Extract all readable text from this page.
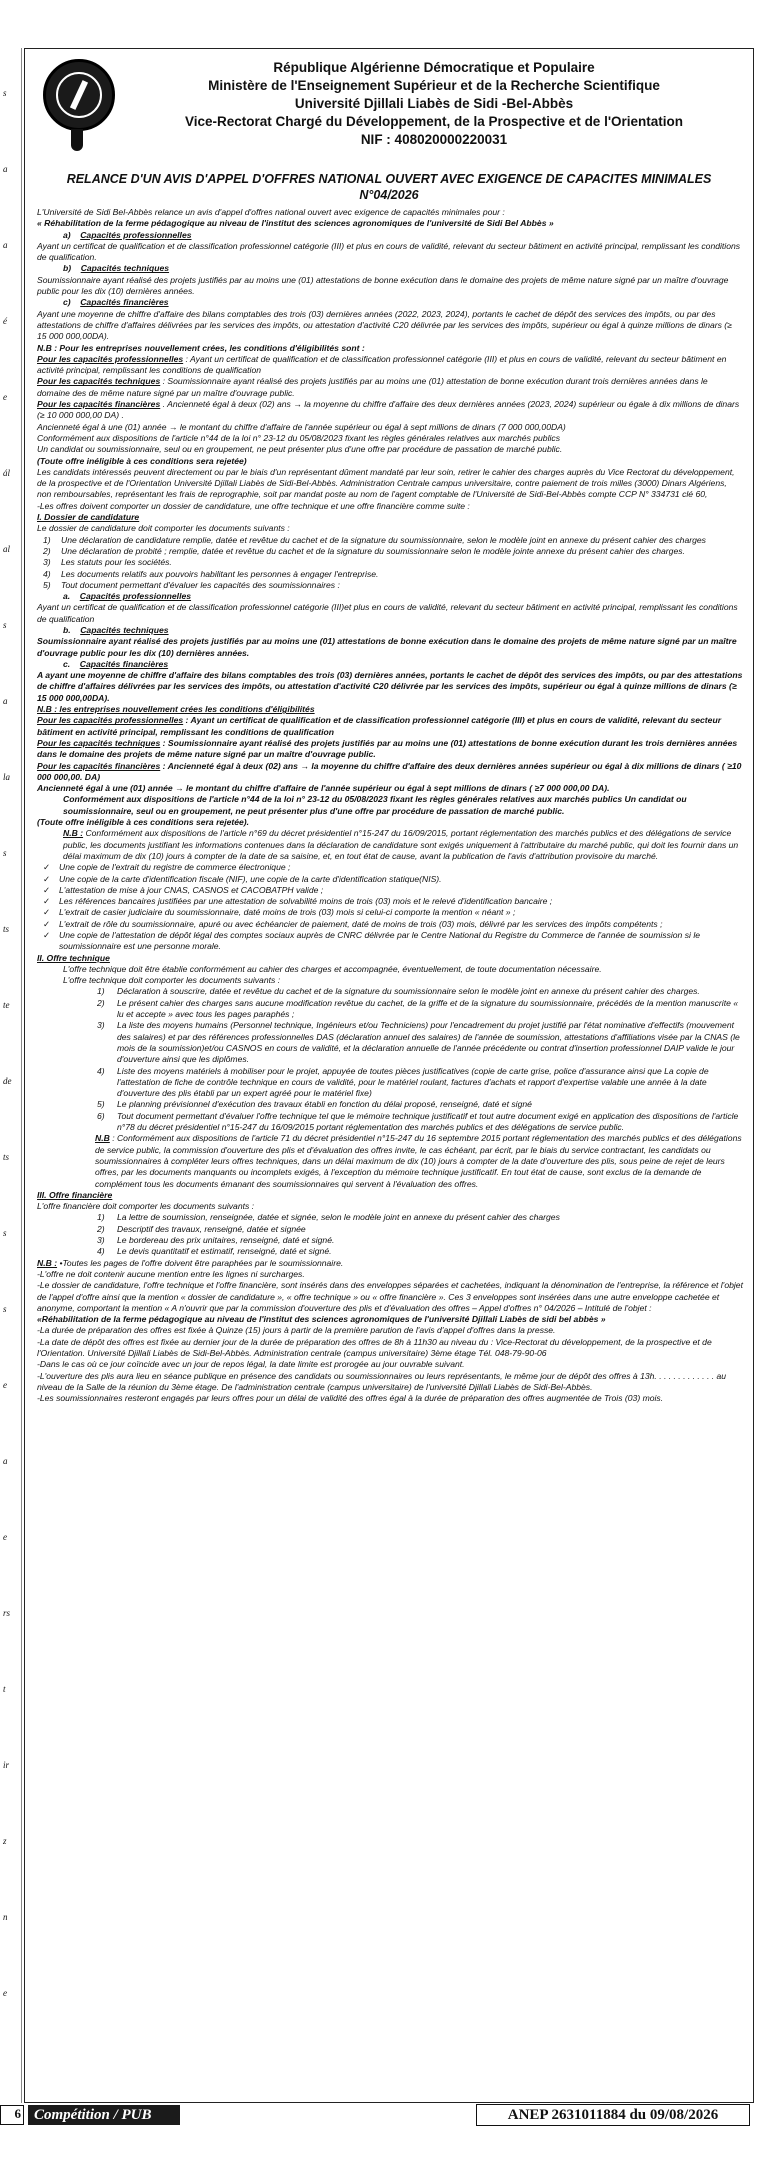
s
a
a
é
e
ál
al
s
a
la
s
ts
te
de
ts
s
s
e
a
e
rs
t
ir
z
n
e
République Algérienne Démocratique et Populaire
Ministère de l'Enseignement Supérieur et de la Recherche Scientifique
Université Djillali Liabès de Sidi -Bel-Abbès
Vice-Rectorat Chargé du Développement, de la Prospective et de l'Orientation
NIF : 408020000220031
RELANCE D'UN AVIS D'APPEL D'OFFRES NATIONAL OUVERT AVEC EXIGENCE DE CAPACITES MINIMALES
N°04/2026

L'Université de Sidi Bel-Abbès relance un avis d'appel d'offres national ouvert avec exigence de capacités minimales pour :

« Réhabilitation de la ferme pédagogique au niveau de l'institut des sciences agronomiques de l'université de Sidi Bel Abbès »

a) Capacités professionnelles

Ayant un certificat de qualification et de classification professionnel catégorie (III) et plus en cours de validité, relevant du secteur bâtiment en activité principal, remplissant les conditions de qualification.

b) Capacités techniques

Soumissionnaire ayant réalisé des projets justifiés par au moins une (01) attestations de bonne exécution dans le domaine des projets de même nature signé par un maître d'ouvrage public pour les dix (10) dernières années.

c) Capacités financières

Ayant une moyenne de chiffre d'affaire des bilans comptables des trois (03) dernières années (2022, 2023, 2024), portants le cachet de dépôt des services des impôts, ou par des attestations de chiffre d'affaires délivrées par les services des impôts, ou attestation d'activité C20 délivrée par les services des impôts, supérieur ou égal à quinze millions de dinars (≥ 15 000 000,00DA).

N.B : Pour les entreprises nouvellement crées, les conditions d'éligibilités sont :

Pour les capacités professionnelles : Ayant un certificat de qualification et de classification professionnel catégorie (III) et plus en cours de validité, relevant du secteur bâtiment en activité principal, remplissant les conditions de qualification

Pour les capacités techniques : Soumissionnaire ayant réalisé des projets justifiés par au moins une (01) attestation de bonne exécution durant trois dernières années dans le domaine des de même nature signé par un maître d'ouvrage public.

Pour les capacités financières . Ancienneté égal à deux (02) ans → la moyenne du chiffre d'affaire des deux dernières années (2023, 2024) supérieur ou égale à dix millions de dinars (≥ 10 000 000,00 DA) .

Ancienneté égal à une (01) année → le montant du chiffre d'affaire de l'année supérieur ou égal à sept millions de dinars (7 000 000,00DA)

Conformément aux dispositions de l'article n°44 de la loi n° 23-12 du 05/08/2023 fixant les règles générales relatives aux marchés publics

Un candidat ou soumissionnaire, seul ou en groupement, ne peut présenter plus d'une offre par procédure de passation de marché public.

(Toute offre inéligible à ces conditions sera rejetée)

Les candidats intéressés peuvent directement ou par le biais d'un représentant dûment mandaté par leur soin, retirer le cahier des charges auprès du Vice Rectorat du développement, de la prospective et de l'Orientation Université Djillali Liabès de Sidi-Bel-Abbès. Administration Centrale campus universitaire, contre paiement de trois milles (3000) Dinars Algériens, non remboursables, représentant les frais de reprographie, soit par mandat poste au nom de l'agent comptable de l'Université de Sidi-Bel-Abbès compte CCP N° 334731 clé 60,

-Les offres doivent comporter un dossier de candidature, une offre technique et une offre financière comme suite :

I. Dossier de candidature

Le dossier de candidature doit comporter les documents suivants :

1) Une déclaration de candidature remplie, datée et revêtue du cachet et de la signature du soumissionnaire, selon le modèle joint en annexe du présent cahier des charges

2) Une déclaration de probité ; remplie, datée et revêtue du cachet et de la signature du soumissionnaire selon le modèle jointe annexe du présent cahier des charges.

3) Les statuts pour les sociétés.

4) Les documents relatifs aux pouvoirs habilitant les personnes à engager l'entreprise.

5) Tout document permettant d'évaluer les capacités des soumissionnaires :

a. Capacités professionnelles

Ayant un certificat de qualification et de classification professionnel catégorie (III)et plus en cours de validité, relevant du secteur bâtiment en activité principal, remplissant les conditions de qualification

b. Capacités techniques

Soumissionnaire ayant réalisé des projets justifiés par au moins une (01) attestations de bonne exécution dans le domaine des projets de même nature signé par un maître d'ouvrage public pour les dix (10) dernières années.

c. Capacités financières

A ayant une moyenne de chiffre d'affaire des bilans comptables des trois (03) dernières années, portants le cachet de dépôt des services des impôts, ou par des attestations de chiffre d'affaires délivrées par les services des impôts, ou attestation d'activité C20 délivrée par les services des impôts, supérieur ou égal à quinze millions de dinars (≥ 15 000 000,00DA).

N.B : les entreprises nouvellement crées les conditions d'éligibilités

Pour les capacités professionnelles : Ayant un certificat de qualification et de classification professionnel catégorie (III) et plus en cours de validité, relevant du secteur bâtiment en activité principal, remplissant les conditions de qualification

Pour les capacités techniques : Soumissionnaire ayant réalisé des projets justifiés par au moins une (01) attestations de bonne exécution durant les trois dernières années dans le domaine des projets de même nature signé par un maître d'ouvrage public.

Pour les capacités financières : Ancienneté égal à deux (02) ans → la moyenne du chiffre d'affaire des deux dernières années supérieur ou égal à dix millions de dinars ( ≥10 000 000,00. DA)

Ancienneté égal à une (01) année → le montant du chiffre d'affaire de l'année supérieur ou égal à sept millions de dinars ( ≥7 000 000,00 DA).

Conformément aux dispositions de l'article n°44 de la loi n° 23-12 du 05/08/2023 fixant les règles générales relatives aux marchés publics Un candidat ou soumissionnaire, seul ou en groupement, ne peut présenter plus d'une offre par procédure de passation de marché public.

(Toute offre inéligible à ces conditions sera rejetée).

N.B : Conformément aux dispositions de l'article n°69 du décret présidentiel n°15-247 du 16/09/2015, portant réglementation des marchés publics et des délégations de service public, les documents justifiant les informations contenues dans la déclaration de candidature sont exigés uniquement à l'attributaire du marché public, qui doit les fournir dans un délai maximum de dix (10) jours à compter de la date de sa saisine, et, en tout état de cause, avant la publication de l'avis d'attribution provisoire du marché.

✓ Une copie de l'extrait du registre de commerce électronique ;
✓ Une copie de la carte d'identification fiscale (NIF), une copie de la carte d'identification statique(NIS).
✓ L'attestation de mise à jour CNAS, CASNOS et CACOBATPH valide ;
✓ Les références bancaires justifiées par une attestation de solvabilité moins de trois (03) mois et le relevé d'identification bancaire ;
✓ L'extrait de casier judiciaire du soumissionnaire, daté moins de trois (03) mois si celui-ci comporte la mention « néant » ;
✓ L'extrait de rôle du soumissionnaire, apuré ou avec échéancier de paiement, daté de moins de trois (03) mois, délivré par les services des impôts compétents ;
✓ Une copie de l'attestation de dépôt légal des comptes sociaux auprès de CNRC délivrée par le Centre National du Registre du Commerce de l'année de soumission si le soumissionnaire est une personne morale.

II. Offre technique

L'offre technique doit être établie conformément au cahier des charges et accompagnée, éventuellement, de toute documentation nécessaire.

L'offre technique doit comporter les documents suivants :

1) Déclaration à souscrire, datée et revêtue du cachet et de la signature du soumissionnaire selon le modèle joint en annexe du présent cahier des charges.

2) Le présent cahier des charges sans aucune modification revêtue du cachet, de la griffe et de la signature du soumissionnaire, précédés de la mention manuscrite « lu et accepte » avec tous les pages paraphés ;

3) La liste des moyens humains (Personnel technique, Ingénieurs et/ou Techniciens) pour l'encadrement du projet justifié par l'état nominative d'effectifs (mouvement des salaires) et par des références professionnelles DAS (déclaration annuel des salaires) de l'année de soumission, attestations d'affiliations visée par la CNAS (le mois de la soumission)et/ou CASNOS en cours de validité, et la déclaration annuelle de l'année précédente ou contrat d'insertion professionnel DAIP valide le jour d'ouverture ainsi que les diplômes.

4) Liste des moyens matériels à mobiliser pour le projet, appuyée de toutes pièces justificatives (copie de carte grise, police d'assurance ainsi que La copie de l'attestation de fiche de contrôle technique en cours de validité, pour le matériel roulant, factures d'achats et rapport d'expertise valable une année à la date d'ouverture des plis établi par un expert agréé pour le matériel fixe)

5) Le planning prévisionnel d'exécution des travaux établi en fonction du délai proposé, renseigné, daté et signé

6) Tout document permettant d'évaluer l'offre technique tel que le mémoire technique justificatif et tout autre document exigé en application des dispositions de l'article n°78 du décret présidentiel n°15-247 du 16/09/2015 portant réglementation des marchés publics et des délégations de service public.

N.B : Conformément aux dispositions de l'article 71 du décret présidentiel n°15-247 du 16 septembre 2015 portant réglementation des marchés publics et des délégations de service public, la commission d'ouverture des plis et d'évaluation des offres invite, le cas échéant, par écrit, par le biais du service contractant, les candidats ou soumissionnaires à compléter leurs offres techniques, dans un délai maximum de dix (10) jours à compter de la date d'ouverture des plis, sous peine de rejet de leurs offres, par les documents manquants ou incomplets exigés, à l'exception du mémoire technique justificatif. En tout état de cause, sont exclus de la demande de complément tous les documents émanant des soumissionnaires qui servent à l'évaluation des offres.

III. Offre financière

L'offre financière doit comporter les documents suivants :

1) La lettre de soumission, renseignée, datée et signée, selon le modèle joint en annexe du présent cahier des charges

2) Descriptif des travaux, renseigné, datée et signée

3) Le bordereau des prix unitaires, renseigné, daté et signé.

4) Le devis quantitatif et estimatif, renseigné, daté et signé.

N.B : •Toutes les pages de l'offre doivent être paraphées par le soumissionnaire.

-L'offre ne doit contenir aucune mention entre les lignes ni surcharges.

-Le dossier de candidature, l'offre technique et l'offre financière, sont insérés dans des enveloppes séparées et cachetées, indiquant la dénomination de l'entreprise, la référence et l'objet de l'appel d'offre ainsi que la mention « dossier de candidature », « offre technique » ou « offre financière ». Ces 3 enveloppes sont insérées dans une autre enveloppe cachetée et anonyme, comportant la mention « A n'ouvrir que par la commission d'ouverture des plis et d'évaluation des offres – Appel d'offres n° 04/2026 – Intitulé de l'objet :

«Réhabilitation de la ferme pédagogique au niveau de l'institut des sciences agronomiques de l'université Djillali Liabès de sidi bel abbès »

-La durée de préparation des offres est fixée à Quinze (15) jours à partir de la première parution de l'avis d'appel d'offres dans la presse.

-La date de dépôt des offres est fixée au dernier jour de la durée de préparation des offres de 8h à 11h30 au niveau du : Vice-Rectorat du développement, de la prospective et de l'Orientation. Université Djillali Liabès de Sidi-Bel-Abbès. Administration centrale (campus universitaire) 3ème étage Tél. 048-79-90-06

-Dans le cas où ce jour coïncide avec un jour de repos légal, la date limite est prorogée au jour ouvrable suivant.

-L'ouverture des plis aura lieu en séance publique en présence des candidats ou soumissionnaires ou leurs représentants, le même jour de dépôt des offres à 13h. . . . . . . . . . . . . au niveau de la Salle de la réunion du 3ème étage. De l'administration centrale (campus universitaire) de l'université Djillali Liabès de Sidi-Bel-Abbès.

-Les soumissionnaires resteront engagés par leurs offres pour un délai de validité des offres égal à la durée de préparation des offres augmentée de Trois (03) mois.

6 Compétition / PUB	ANEP 2631011884 du 09/08/2026
